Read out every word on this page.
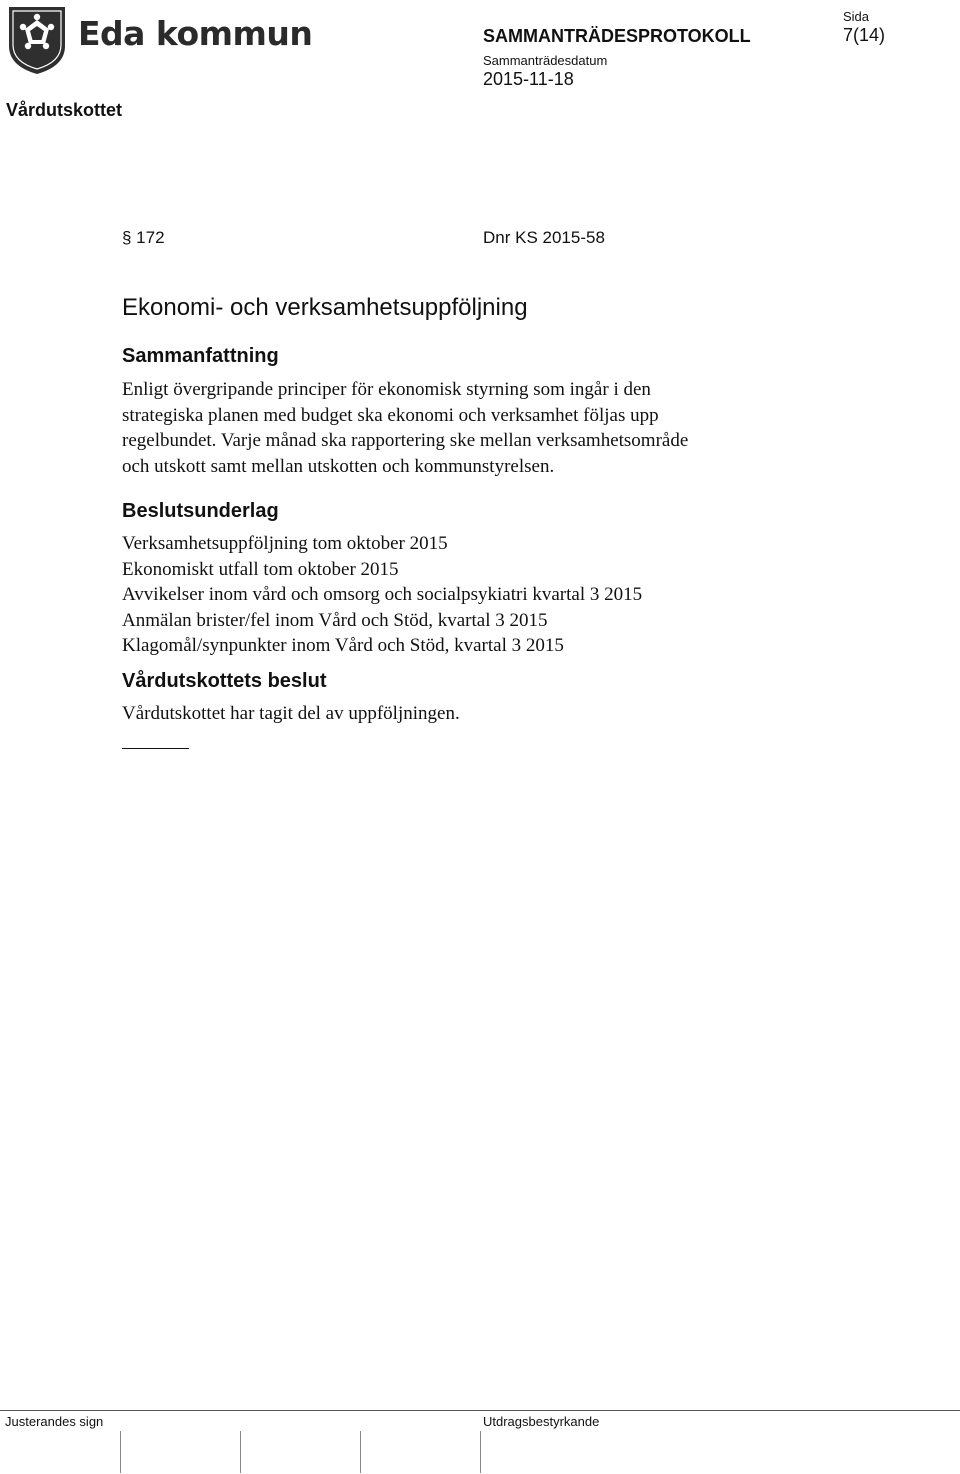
Eda kommun
Vårdutskottet
SAMMANTRÄDESPROTOKOLL
Sammanträdesdatum
2015-11-18
Sida
7(14)
§ 172	Dnr KS 2015-58
Ekonomi- och verksamhetsuppföljning
Sammanfattning
Enligt övergripande principer för ekonomisk styrning som ingår i den
strategiska planen med budget ska ekonomi och verksamhet följas upp
regelbundet. Varje månad ska rapportering ske mellan verksamhetsområde
och utskott samt mellan utskotten och kommunstyrelsen.
Beslutsunderlag
Verksamhetsuppföljning tom oktober 2015
Ekonomiskt utfall tom oktober 2015
Avvikelser inom vård och omsorg och socialpsykiatri kvartal 3 2015
Anmälan brister/fel inom Vård och Stöd, kvartal 3 2015
Klagomål/synpunkter inom Vård och Stöd, kvartal 3 2015
Vårdutskottets beslut
Vårdutskottet har tagit del av uppföljningen.
Justerandes sign	Utdragsbestyrkande
